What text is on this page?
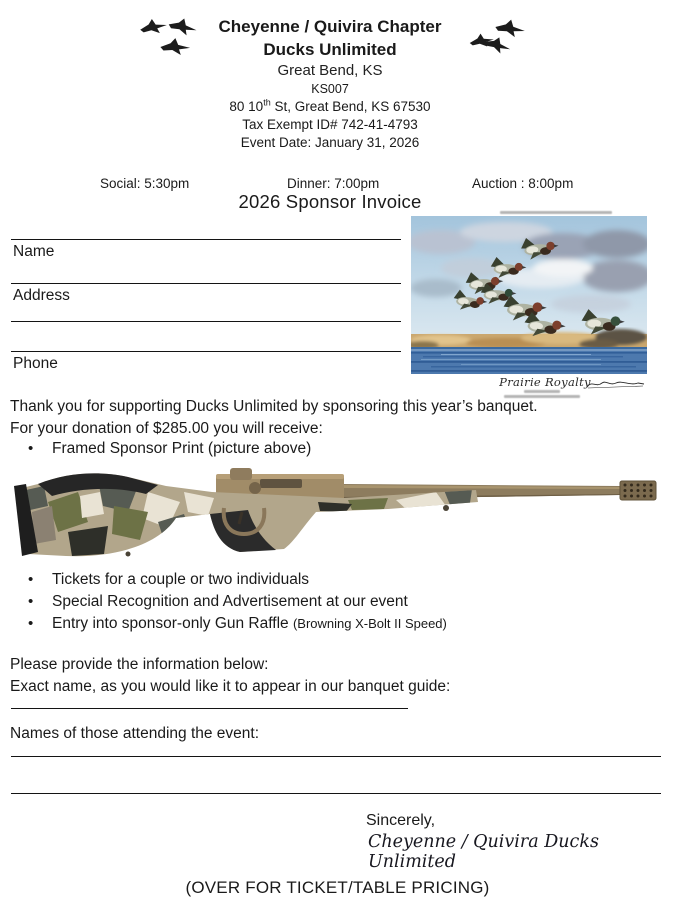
Cheyenne / Quivira Chapter
Ducks Unlimited
Great Bend, KS
KS007
80 10th St, Great Bend, KS 67530
Tax Exempt ID# 742-41-4793
Event Date: January 31, 2026
Social: 5:30pm	Dinner: 7:00pm	Auction : 8:00pm
2026 Sponsor Invoice
Name
Address
Phone
Prairie Royalty
Thank you for supporting Ducks Unlimited by sponsoring this year’s banquet.
For your donation of $285.00 you will receive:
• Framed Sponsor Print (picture above)
• Tickets for a couple or two individuals
• Special Recognition and Advertisement at our event
• Entry into sponsor-only Gun Raffle (Browning X-Bolt II Speed)
Please provide the information below:
Exact name, as you would like it to appear in our banquet guide:
Names of those attending the event:
Sincerely,
Cheyenne / Quivira Ducks Unlimited
(OVER FOR TICKET/TABLE PRICING)
